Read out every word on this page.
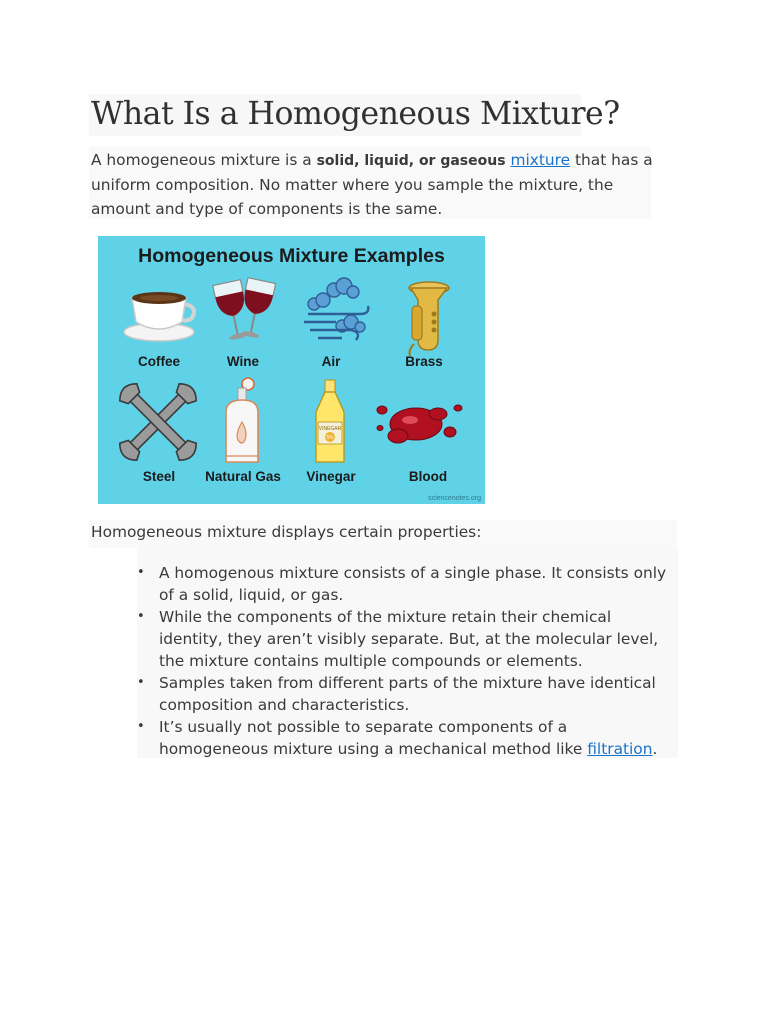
What Is a Homogeneous Mixture?

A homogeneous mixture is a solid, liquid, or gaseous mixture that has a uniform composition. No matter where you sample the mixture, the amount and type of components is the same.

VINEGAR
5%
Homogeneous Mixture Examples
Coffee	Wine	Air	Brass
Steel	Natural Gas	Vinegar	Blood
sciencenotes.org

Homogeneous mixture displays certain properties:

• A homogenous mixture consists of a single phase. It consists only of a solid, liquid, or gas.
• While the components of the mixture retain their chemical identity, they aren’t visibly separate. But, at the molecular level, the mixture contains multiple compounds or elements.
• Samples taken from different parts of the mixture have identical composition and characteristics.
• It’s usually not possible to separate components of a homogeneous mixture using a mechanical method like filtration.
